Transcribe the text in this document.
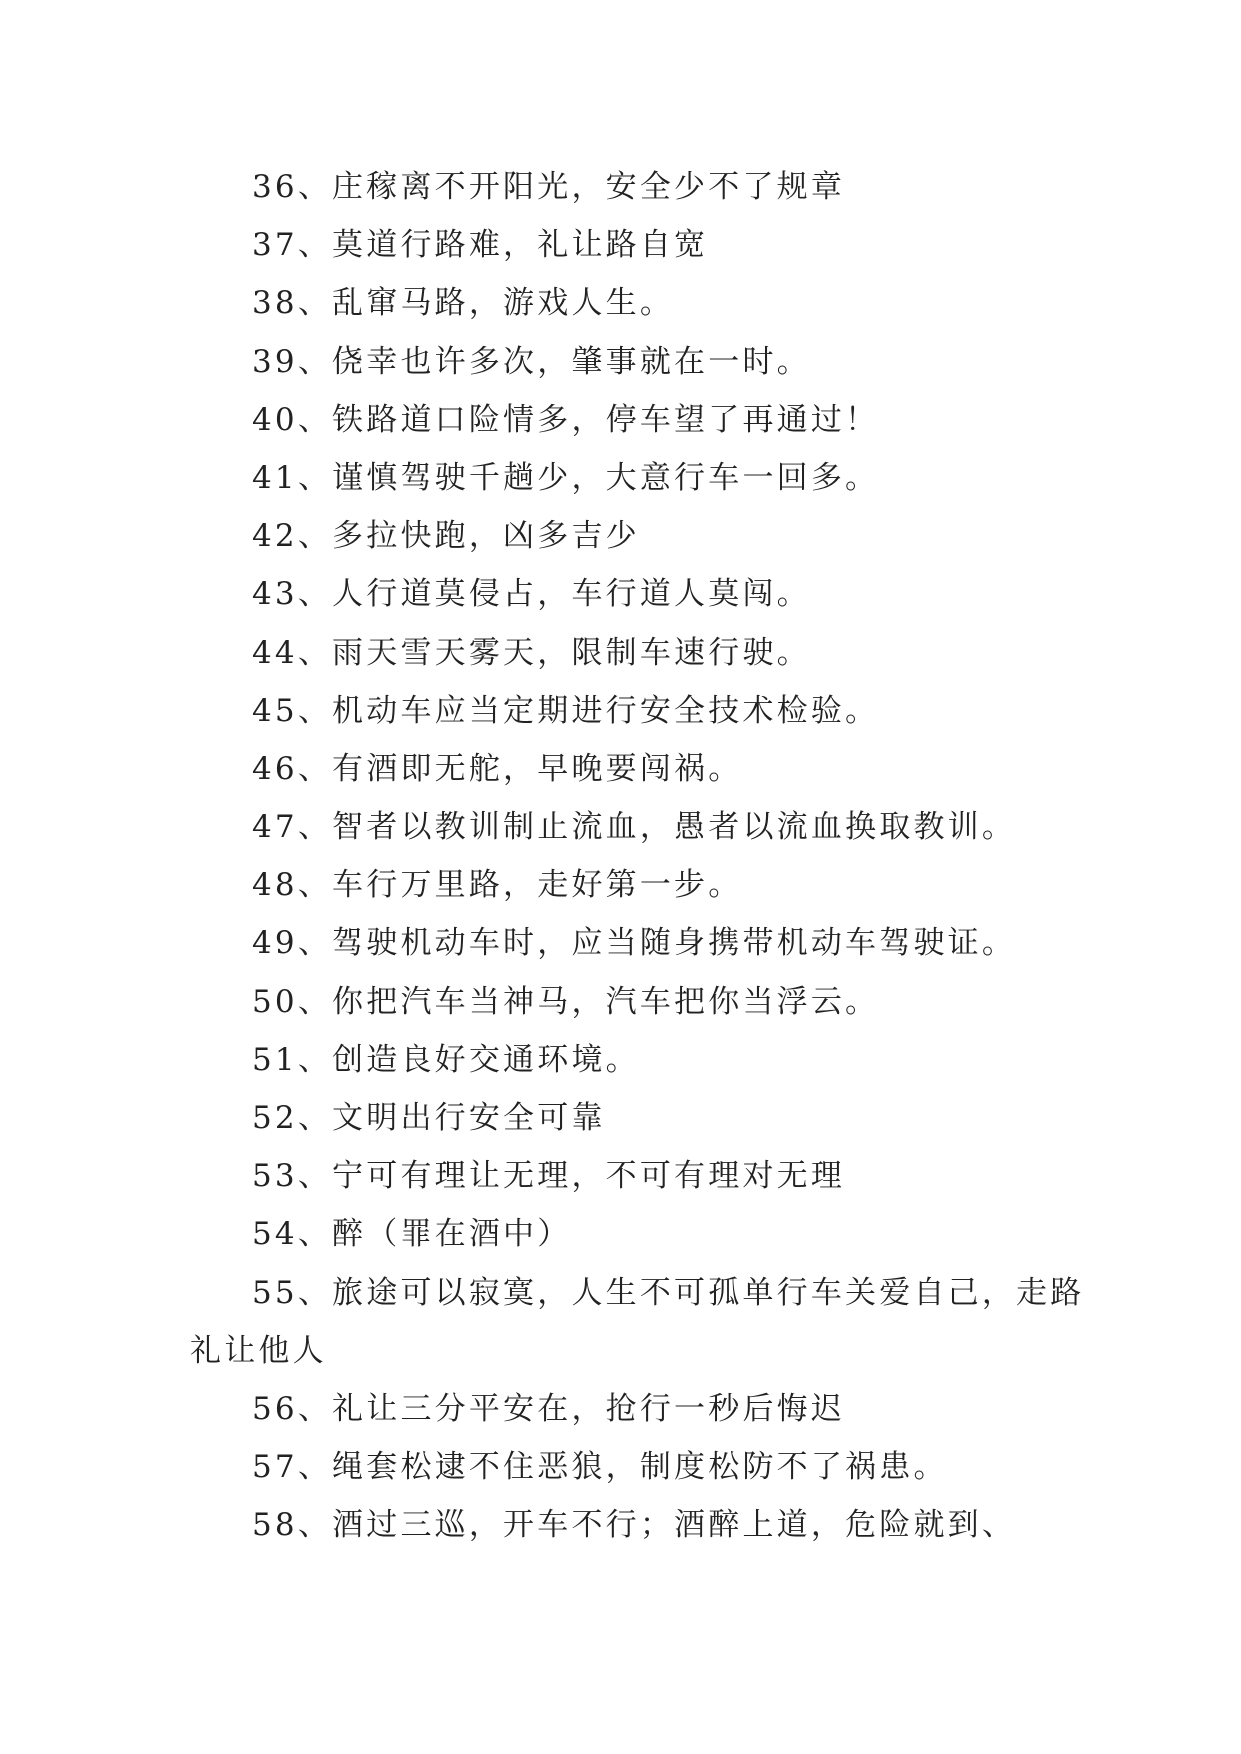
36、庄稼离不开阳光，安全少不了规章
37、莫道行路难，礼让路自宽
38、乱窜马路，游戏人生。
39、侥幸也许多次，肇事就在一时。
40、铁路道口险情多，停车望了再通过！
41、谨慎驾驶千趟少，大意行车一回多。
42、多拉快跑，凶多吉少
43、人行道莫侵占，车行道人莫闯。
44、雨天雪天雾天，限制车速行驶。
45、机动车应当定期进行安全技术检验。
46、有酒即无舵，早晚要闯祸。
47、智者以教训制止流血，愚者以流血换取教训。
48、车行万里路，走好第一步。
49、驾驶机动车时，应当随身携带机动车驾驶证。
50、你把汽车当神马，汽车把你当浮云。
51、创造良好交通环境。
52、文明出行安全可靠
53、宁可有理让无理，不可有理对无理
54、醉（罪在酒中）
55、旅途可以寂寞，人生不可孤单行车关爱自己，走路
礼让他人
56、礼让三分平安在，抢行一秒后悔迟
57、绳套松逮不住恶狼，制度松防不了祸患。
58、酒过三巡，开车不行；酒醉上道，危险就到、
